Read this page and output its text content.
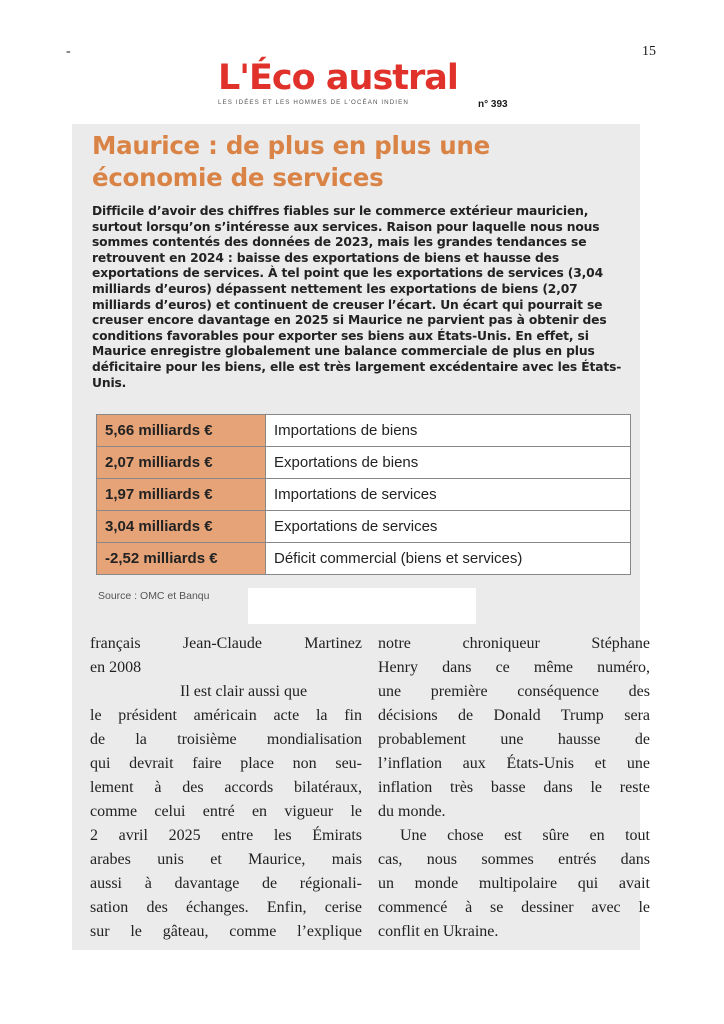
-	15
L'Éco austral
LES IDÉES ET LES HOMMES DE L'OCÉAN INDIEN	n° 393
Maurice : de plus en plus une
économie de services
Difficile d’avoir des chiffres fiables sur le commerce extérieur mauricien, surtout lorsqu’on s’intéresse aux services. Raison pour laquelle nous nous sommes contentés des données de 2023, mais les grandes tendances se retrouvent en 2024 : baisse des exportations de biens et hausse des exportations de services. À tel point que les exportations de services (3,04 milliards d’euros) dépassent nettement les exportations de biens (2,07 milliards d’euros) et continuent de creuser l’écart. Un écart qui pourrait se creuser encore davantage en 2025 si Maurice ne parvient pas à obtenir des conditions favorables pour exporter ses biens aux États-Unis. En effet, si Maurice enregistre globalement une balance commerciale de plus en plus déficitaire pour les biens, elle est très largement excédentaire avec les États-Unis.
5,66 milliards €	Importations de biens
2,07 milliards €	Exportations de biens
1,97 milliards €	Importations de services
3,04 milliards €	Exportations de services
-2,52 milliards €	Déficit commercial (biens et services)
Source : OMC et Banqu
français Jean-Claude Martinez
en 2008
Il est clair aussi que
le président américain acte la fin
de la troisième mondialisation
qui devrait faire place non seu-
lement à des accords bilatéraux,
comme celui entré en vigueur le
2 avril 2025 entre les Émirats
arabes unis et Maurice, mais
aussi à davantage de régionali-
sation des échanges. Enfin, cerise
sur le gâteau, comme l’explique
notre chroniqueur Stéphane
Henry dans ce même numéro,
une première conséquence des
décisions de Donald Trump sera
probablement une hausse de
l’inflation aux États-Unis et une
inflation très basse dans le reste
du monde.
Une chose est sûre en tout
cas, nous sommes entrés dans
un monde multipolaire qui avait
commencé à se dessiner avec le
conflit en Ukraine.
